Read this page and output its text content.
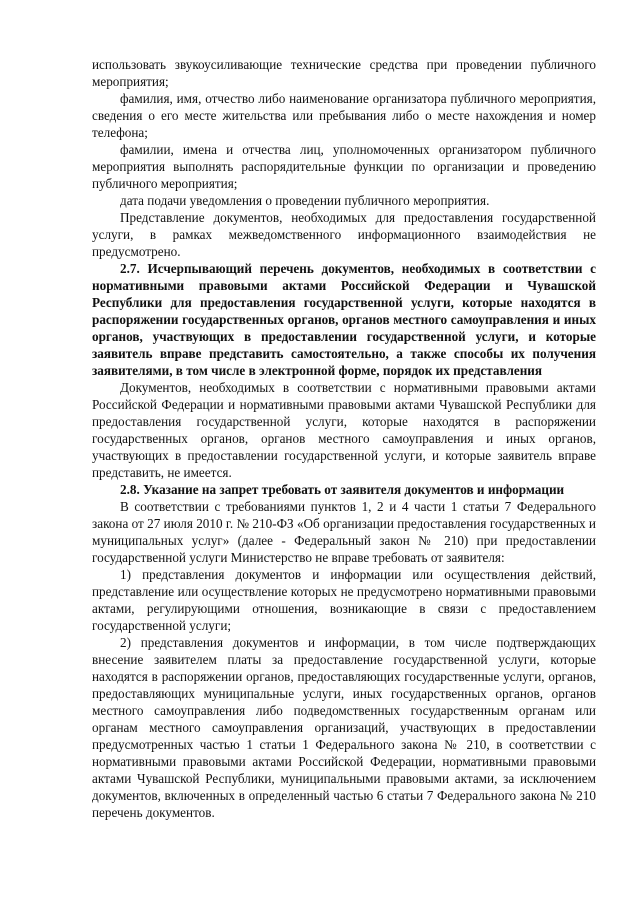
использовать звукоусиливающие технические средства при проведении публичного мероприятия;

фамилия, имя, отчество либо наименование организатора публичного мероприятия, сведения о его месте жительства или пребывания либо о месте нахождения и номер телефона;

фамилии, имена и отчества лиц, уполномоченных организатором публичного мероприятия выполнять распорядительные функции по организации и проведению публичного мероприятия;

дата подачи уведомления о проведении публичного мероприятия.

Представление документов, необходимых для предоставления государственной услуги, в рамках межведомственного информационного взаимодействия не предусмотрено.

2.7. Исчерпывающий перечень документов, необходимых в соответствии с нормативными правовыми актами Российской Федерации и Чувашской Республики для предоставления государственной услуги, которые находятся в распоряжении государственных органов, органов местного самоуправления и иных органов, участвующих в предоставлении государственной услуги, и которые заявитель вправе представить самостоятельно, а также способы их получения заявителями, в том числе в электронной форме, порядок их представления

Документов, необходимых в соответствии с нормативными правовыми актами Российской Федерации и нормативными правовыми актами Чувашской Республики для предоставления государственной услуги, которые находятся в распоряжении государственных органов, органов местного самоуправления и иных органов, участвующих в предоставлении государственной услуги, и которые заявитель вправе представить, не имеется.

2.8. Указание на запрет требовать от заявителя документов и информации

В соответствии с требованиями пунктов 1, 2 и 4 части 1 статьи 7 Федерального закона от 27 июля 2010 г. № 210-ФЗ «Об организации предоставления государственных и муниципальных услуг» (далее - Федеральный закон № 210) при предоставлении государственной услуги Министерство не вправе требовать от заявителя:

1) представления документов и информации или осуществления действий, представление или осуществление которых не предусмотрено нормативными правовыми актами, регулирующими отношения, возникающие в связи с предоставлением государственной услуги;

2) представления документов и информации, в том числе подтверждающих внесение заявителем платы за предоставление государственной услуги, которые находятся в распоряжении органов, предоставляющих государственные услуги, органов, предоставляющих муниципальные услуги, иных государственных органов, органов местного самоуправления либо подведомственных государственным органам или органам местного самоуправления организаций, участвующих в предоставлении предусмотренных частью 1 статьи 1 Федерального закона № 210, в соответствии с нормативными правовыми актами Российской Федерации, нормативными правовыми актами Чувашской Республики, муниципальными правовыми актами, за исключением документов, включенных в определенный частью 6 статьи 7 Федерального закона № 210 перечень документов.
